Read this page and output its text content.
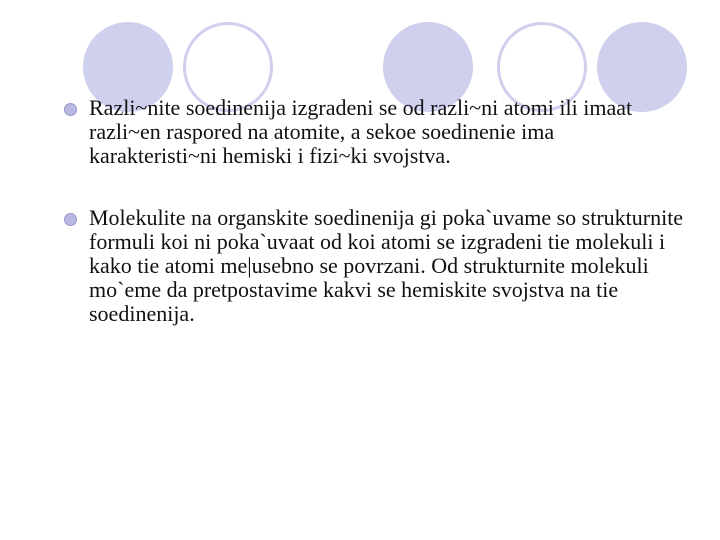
Razli~nite soedinenija izgradeni se od razli~ni atomi ili imaat razli~en raspored na atomite, a sekoe soedinenie ima karakteristi~ni hemiski i fizi~ki svojstva.
Molekulite na organskite soedinenija gi poka`uvame so strukturnite formuli koi ni poka`uvaat od koi atomi se izgradeni tie molekuli i kako tie atomi me|usebno se povrzani. Od strukturnite molekuli mo`eme da pretpostavime kakvi se hemiskite svojstva na tie soedinenija.
